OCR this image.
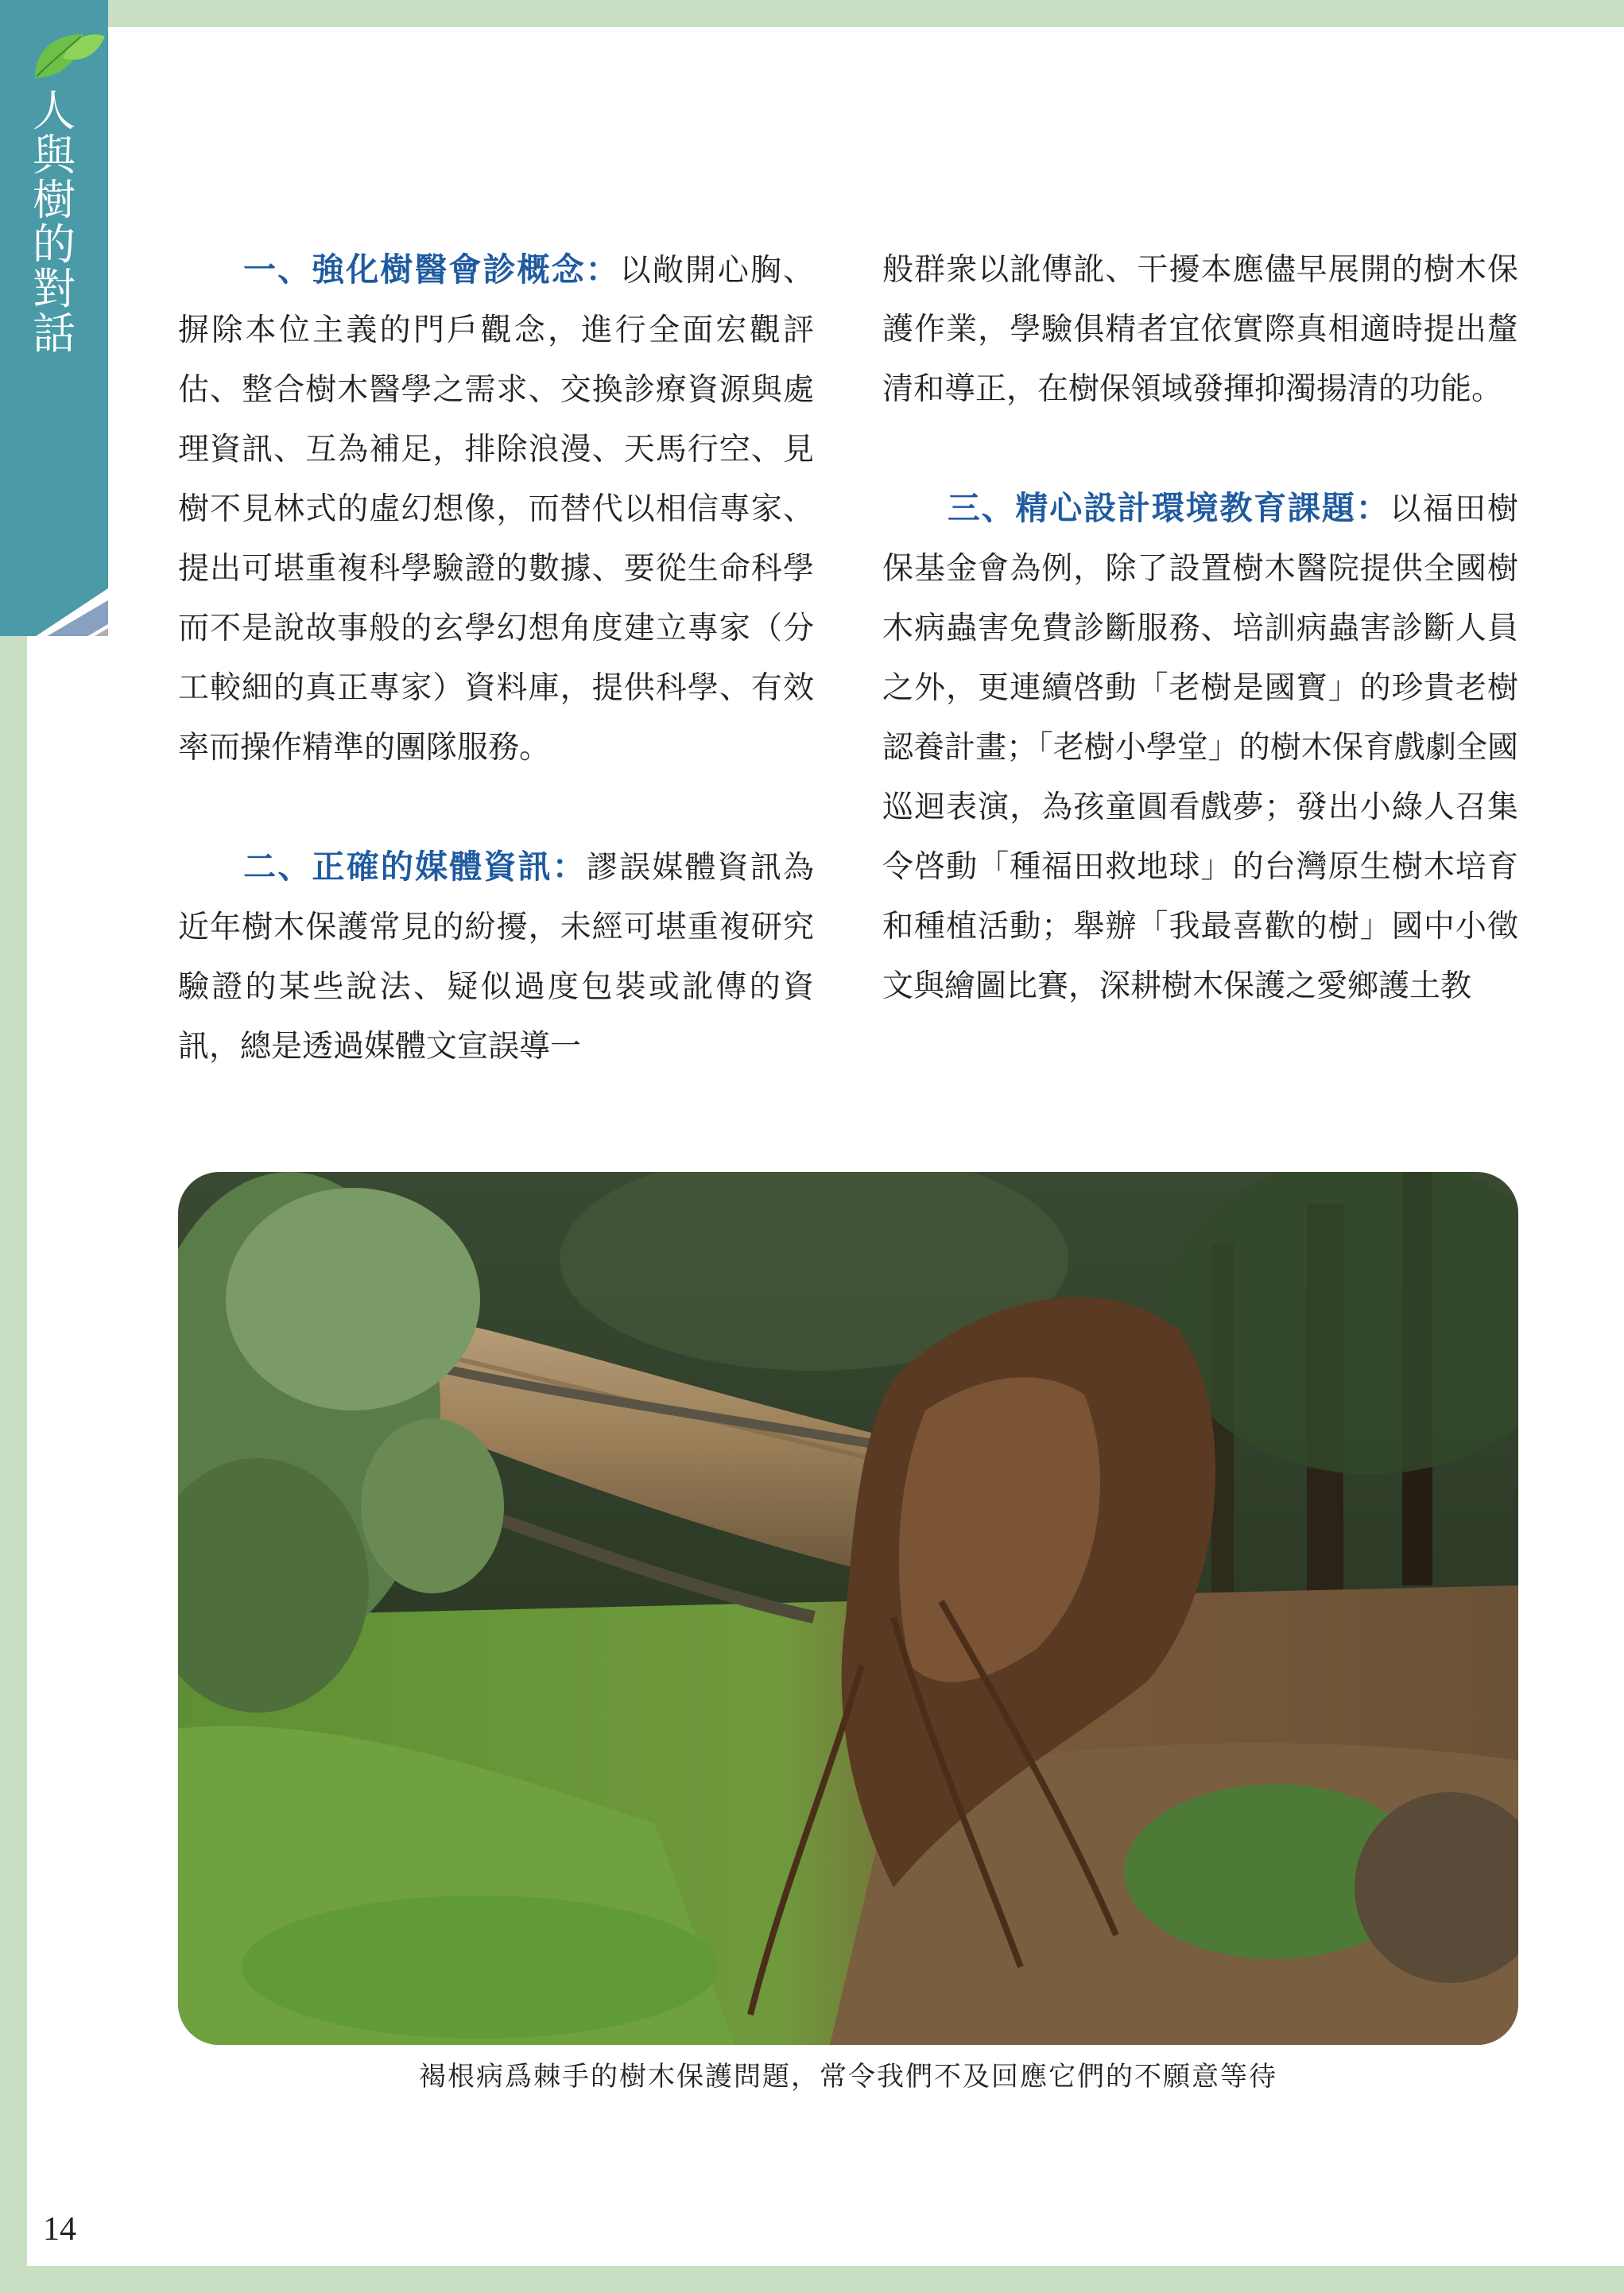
人
與
樹
的
對
話

一、強化樹醫會診概念：以敞開心胸、摒除本位主義的門戶觀念，進行全面宏觀評估、整合樹木醫學之需求、交換診療資源與處理資訊、互為補足，排除浪漫、天馬行空、見樹不見林式的虛幻想像，而替代以相信專家、提出可堪重複科學驗證的數據、要從生命科學而不是說故事般的玄學幻想角度建立專家（分工較細的真正專家）資料庫，提供科學、有效率而操作精準的團隊服務。

二、正確的媒體資訊：謬誤媒體資訊為近年樹木保護常見的紛擾，未經可堪重複研究驗證的某些說法、疑似過度包裝或訛傳的資訊，總是透過媒體文宣誤導一

般群衆以訛傳訛、干擾本應儘早展開的樹木保護作業，學驗俱精者宜依實際真相適時提出釐清和導正，在樹保領域發揮抑濁揚清的功能。

三、精心設計環境教育課題：以福田樹保基金會為例，除了設置樹木醫院提供全國樹木病蟲害免費診斷服務、培訓病蟲害診斷人員之外，更連續啓動「老樹是國寶」的珍貴老樹認養計畫；「老樹小學堂」的樹木保育戲劇全國巡迴表演，為孩童圓看戲夢；發出小綠人召集令啓動「種福田救地球」的台灣原生樹木培育和種植活動；舉辦「我最喜歡的樹」國中小徵文與繪圖比賽，深耕樹木保護之愛鄉護土教

褐根病爲棘手的樹木保護問題，常令我們不及回應它們的不願意等待
14
